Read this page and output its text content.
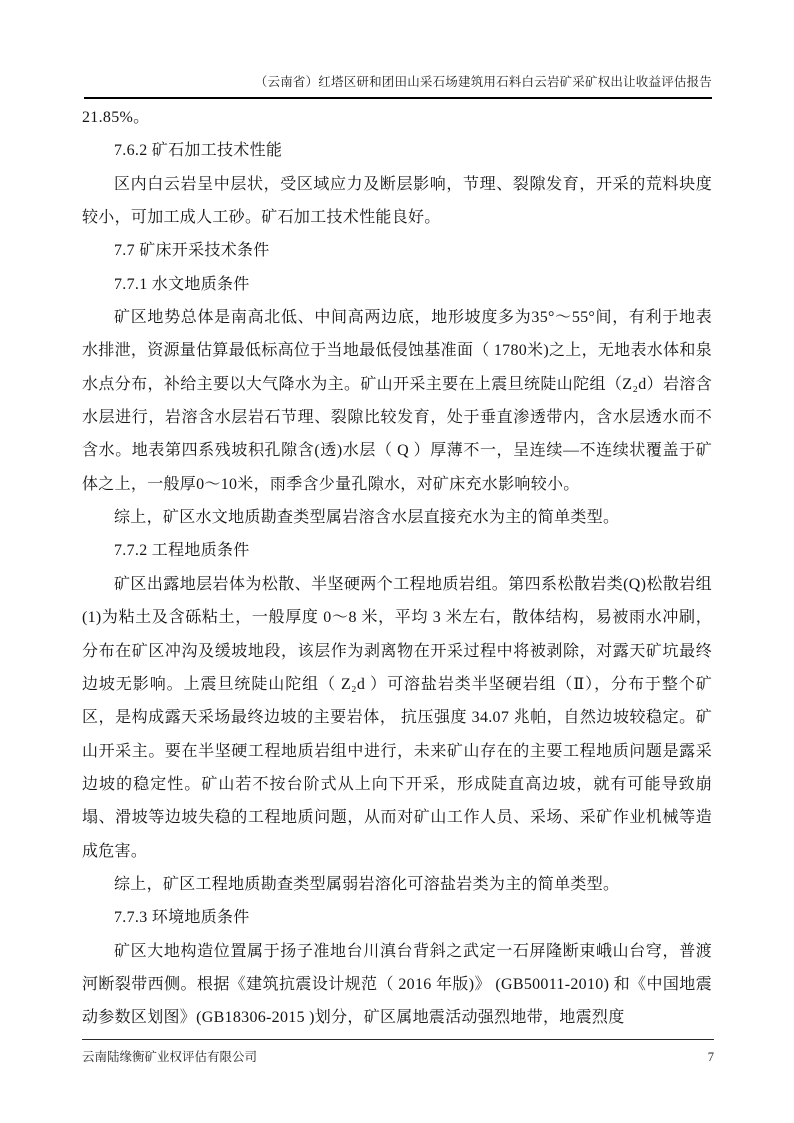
（云南省）红塔区研和团田山采石场建筑用石料白云岩矿采矿权出让收益评估报告

21.85%。

7.6.2 矿石加工技术性能

区内白云岩呈中层状，受区域应力及断层影响，节理、裂隙发育，开采的荒料块度较小，可加工成人工砂。矿石加工技术性能良好。

7.7 矿床开采技术条件
7.7.1 水文地质条件

矿区地势总体是南高北低、中间高两边底，地形坡度多为35°～55°间，有利于地表水排泄，资源量估算最低标高位于当地最低侵蚀基准面（ 1780米)之上，无地表水体和泉水点分布，补给主要以大气降水为主。矿山开采主要在上震旦统陡山陀组（Z₂d）岩溶含水层进行，岩溶含水层岩石节理、裂隙比较发育，处于垂直渗透带内，含水层透水而不含水。地表第四系残坡积孔隙含(透)水层（ Q ）厚薄不一，呈连续—不连续状覆盖于矿体之上，一般厚0～10米，雨季含少量孔隙水，对矿床充水影响较小。

综上，矿区水文地质勘查类型属岩溶含水层直接充水为主的简单类型。

7.7.2 工程地质条件

矿区出露地层岩体为松散、半坚硬两个工程地质岩组。第四系松散岩类(Q)松散岩组(1)为粘土及含砾粘土，一般厚度 0～8 米，平均 3 米左右，散体结构，易被雨水冲刷，分布在矿区冲沟及缓坡地段，该层作为剥离物在开采过程中将被剥除，对露天矿坑最终边坡无影响。上震旦统陡山陀组（ Z₂d ）可溶盐岩类半坚硬岩组（Ⅱ），分布于整个矿区，是构成露天采场最终边坡的主要岩体， 抗压强度 34.07 兆帕，自然边坡较稳定。矿山开采主。要在半坚硬工程地质岩组中进行，未来矿山存在的主要工程地质问题是露采边坡的稳定性。矿山若不按台阶式从上向下开采，形成陡直高边坡，就有可能导致崩塌、滑坡等边坡失稳的工程地质问题，从而对矿山工作人员、采场、采矿作业机械等造成危害。

综上，矿区工程地质勘查类型属弱岩溶化可溶盐岩类为主的简单类型。

7.7.3 环境地质条件

矿区大地构造位置属于扬子准地台川滇台背斜之武定一石屏隆断束峨山台穹，普渡河断裂带西侧。根据《建筑抗震设计规范（ 2016 年版)》 (GB50011-2010) 和《中国地震动参数区划图》(GB18306-2015 )划分，矿区属地震活动强烈地带，地震烈度

云南陆缘衡矿业权评估有限公司	7
